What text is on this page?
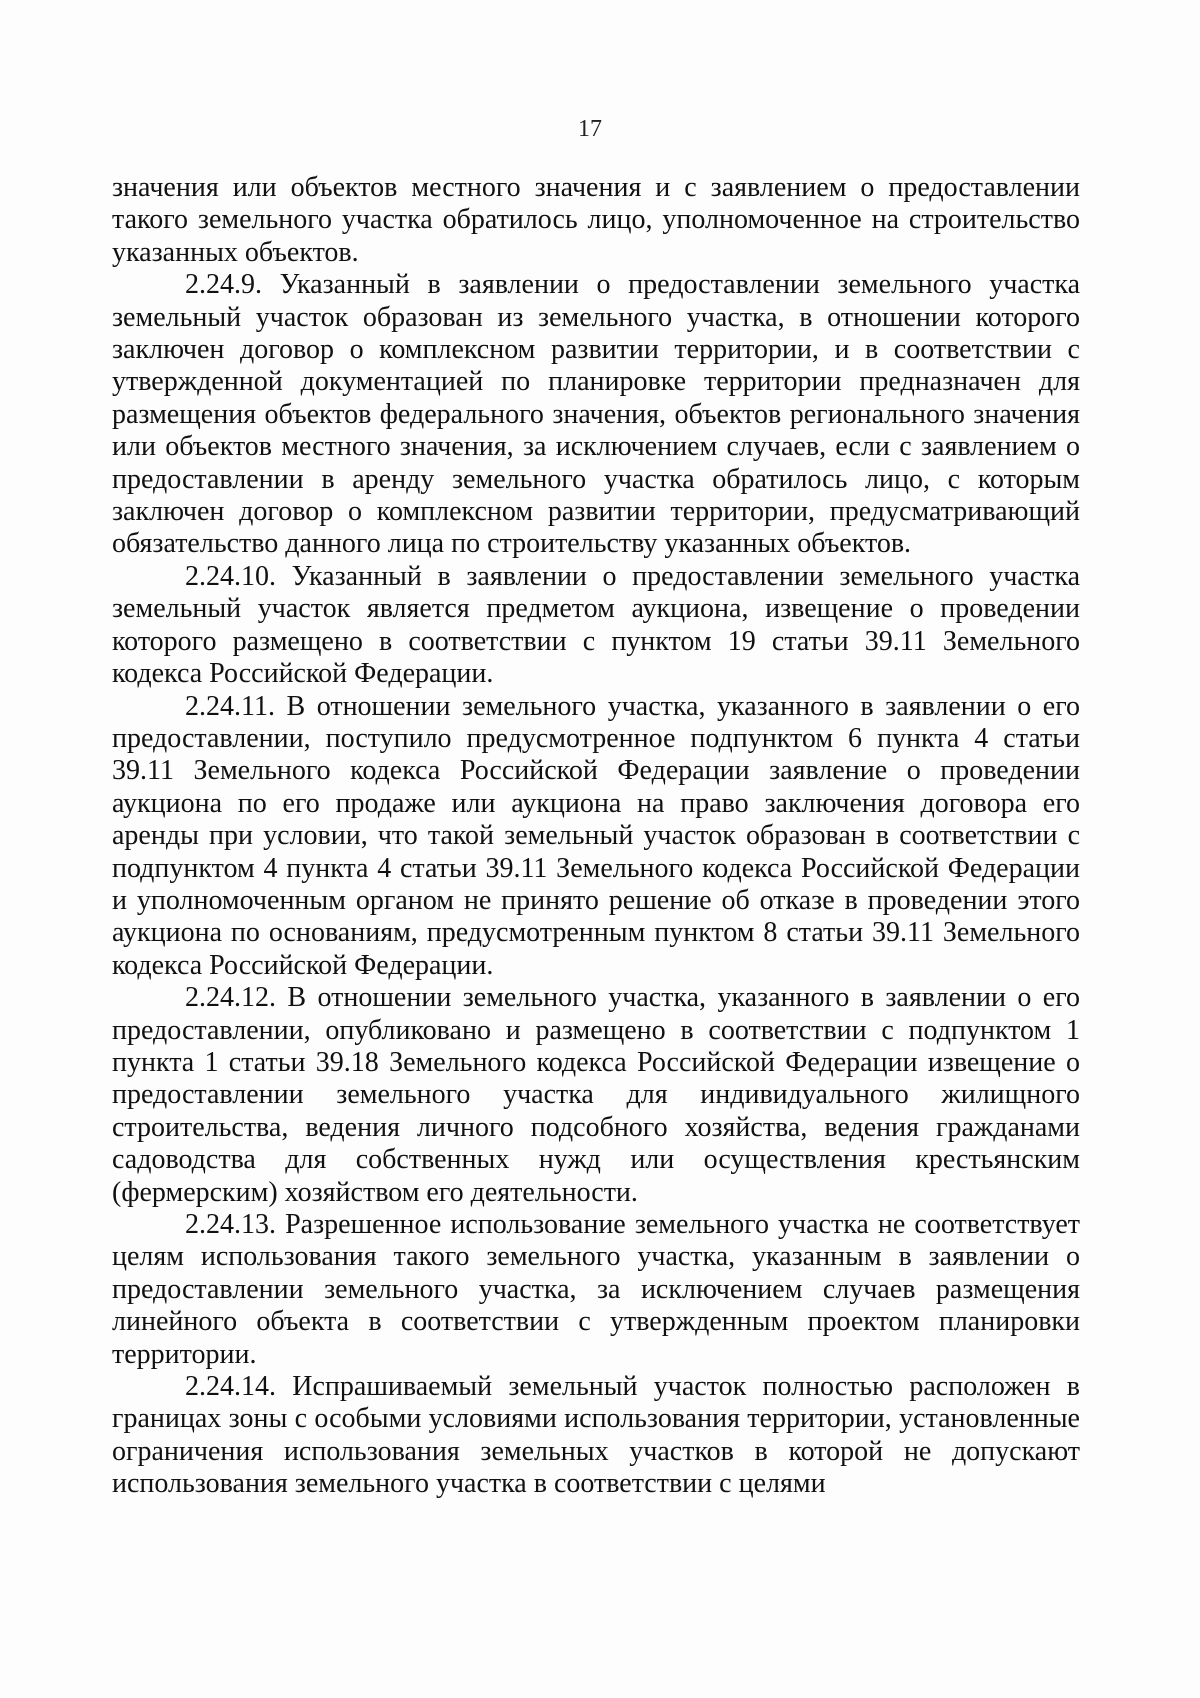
17

значения или объектов местного значения и с заявлением о предоставлении такого земельного участка обратилось лицо, уполномоченное на строительство указанных объектов.

2.24.9. Указанный в заявлении о предоставлении земельного участка земельный участок образован из земельного участка, в отношении которого заключен договор о комплексном развитии территории, и в соответствии с утвержденной документацией по планировке территории предназначен для размещения объектов федерального значения, объектов регионального значения или объектов местного значения, за исключением случаев, если с заявлением о предоставлении в аренду земельного участка обратилось лицо, с которым заключен договор о комплексном развитии территории, предусматривающий обязательство данного лица по строительству указанных объектов.

2.24.10. Указанный в заявлении о предоставлении земельного участка земельный участок является предметом аукциона, извещение о проведении которого размещено в соответствии с пунктом 19 статьи 39.11 Земельного кодекса Российской Федерации.

2.24.11. В отношении земельного участка, указанного в заявлении о его предоставлении, поступило предусмотренное подпунктом 6 пункта 4 статьи 39.11 Земельного кодекса Российской Федерации заявление о проведении аукциона по его продаже или аукциона на право заключения договора его аренды при условии, что такой земельный участок образован в соответствии с подпунктом 4 пункта 4 статьи 39.11 Земельного кодекса Российской Федерации и уполномоченным органом не принято решение об отказе в проведении этого аукциона по основаниям, предусмотренным пунктом 8 статьи 39.11 Земельного кодекса Российской Федерации.

2.24.12. В отношении земельного участка, указанного в заявлении о его предоставлении, опубликовано и размещено в соответствии с подпунктом 1 пункта 1 статьи 39.18 Земельного кодекса Российской Федерации извещение о предоставлении земельного участка для индивидуального жилищного строительства, ведения личного подсобного хозяйства, ведения гражданами садоводства для собственных нужд или осуществления крестьянским (фермерским) хозяйством его деятельности.

2.24.13. Разрешенное использование земельного участка не соответствует целям использования такого земельного участка, указанным в заявлении о предоставлении земельного участка, за исключением случаев размещения линейного объекта в соответствии с утвержденным проектом планировки территории.

2.24.14. Испрашиваемый земельный участок полностью расположен в границах зоны с особыми условиями использования территории, установленные ограничения использования земельных участков в которой не допускают использования земельного участка в соответствии с целями
